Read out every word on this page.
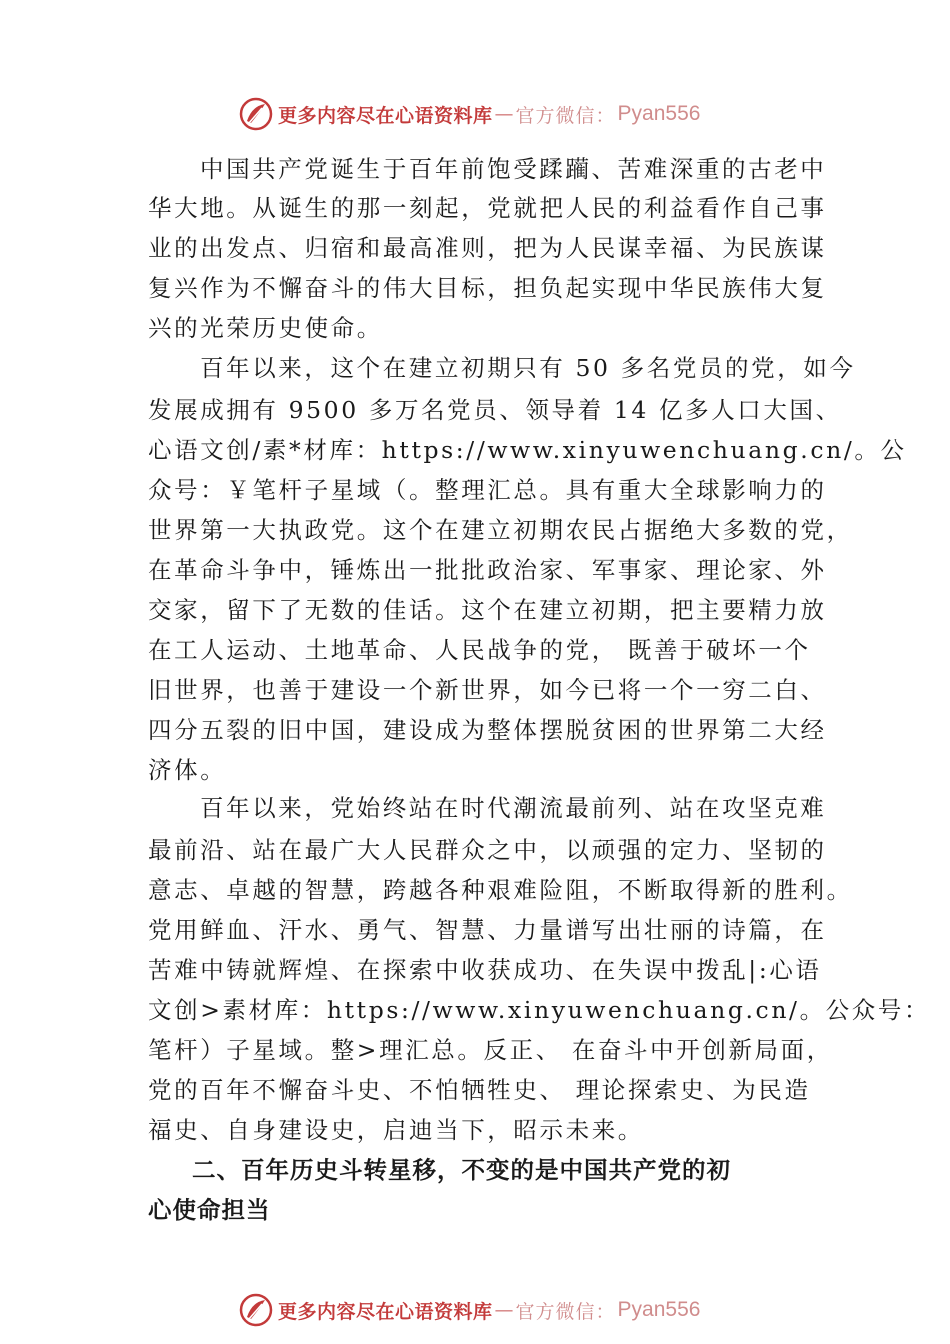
更多内容尽在心语资料库 — 官方微信： Pyan556
中国共产党诞生于百年前饱受蹂躏、苦难深重的古老中
华大地。从诞生的那一刻起，党就把人民的利益看作自己事
业的出发点、归宿和最高准则，把为人民谋幸福、为民族谋
复兴作为不懈奋斗的伟大目标，担负起实现中华民族伟大复
兴的光荣历史使命。
百年以来，这个在建立初期只有 50 多名党员的党，如今
发展成拥有 9500 多万名党员、领导着 14 亿多人口大国、
心语文创/素*材库：https://www.xinyuwenchuang.cn/。公
众号：￥笔杆子星域（。整理汇总。具有重大全球影响力的
世界第一大执政党。这个在建立初期农民占据绝大多数的党，
在革命斗争中，锤炼出一批批政治家、军事家、理论家、外
交家，留下了无数的佳话。这个在建立初期，把主要精力放
在工人运动、土地革命、人民战争的党， 既善于破坏一个
旧世界，也善于建设一个新世界，如今已将一个一穷二白、
四分五裂的旧中国，建设成为整体摆脱贫困的世界第二大经
济体。
百年以来，党始终站在时代潮流最前列、站在攻坚克难
最前沿、站在最广大人民群众之中，以顽强的定力、坚韧的
意志、卓越的智慧，跨越各种艰难险阻，不断取得新的胜利。
党用鲜血、汗水、勇气、智慧、力量谱写出壮丽的诗篇，在
苦难中铸就辉煌、在探索中收获成功、在失误中拨乱|:心语
文创>素材库：https://www.xinyuwenchuang.cn/。公众号：
笔杆）子星域。整>理汇总。反正、 在奋斗中开创新局面，
党的百年不懈奋斗史、不怕牺牲史、 理论探索史、为民造
福史、自身建设史，启迪当下，昭示未来。
二、百年历史斗转星移，不变的是中国共产党的初
心使命担当
更多内容尽在心语资料库 — 官方微信： Pyan556
